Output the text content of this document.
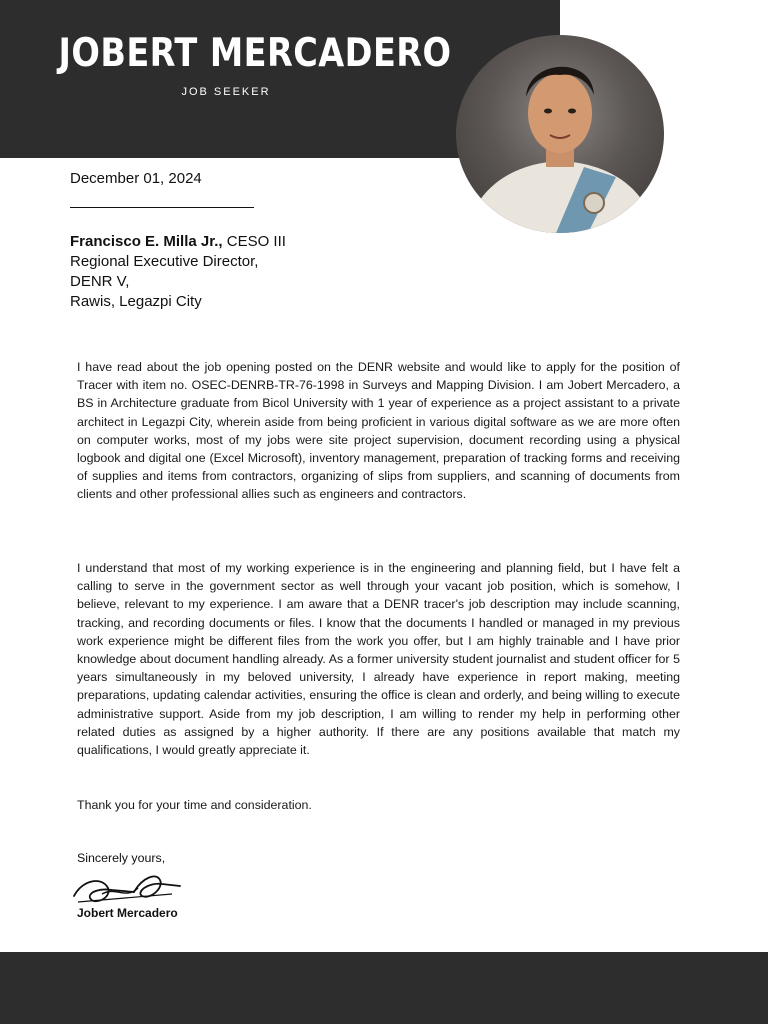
JOBERT MERCADERO
JOB SEEKER
December 01, 2024
Francisco E. Milla Jr., CESO III
Regional Executive Director,
DENR V,
Rawis, Legazpi City
I have read about the job opening posted on the DENR website and would like to apply for the position of Tracer with item no. OSEC-DENRB-TR-76-1998 in Surveys and Mapping Division. I am Jobert Mercadero, a BS in Architecture graduate from Bicol University with 1 year of experience as a project assistant to a private architect in Legazpi City, wherein aside from being proficient in various digital software as we are more often on computer works, most of my jobs were site project supervision, document recording using a physical logbook and digital one (Excel Microsoft), inventory management, preparation of tracking forms and receiving of supplies and items from contractors, organizing of slips from suppliers, and scanning of documents from clients and other professional allies such as engineers and contractors.
I understand that most of my working experience is in the engineering and planning field, but I have felt a calling to serve in the government sector as well through your vacant job position, which is somehow, I believe, relevant to my experience. I am aware that a DENR tracer's job description may include scanning, tracking, and recording documents or files. I know that the documents I handled or managed in my previous work experience might be different files from the work you offer, but I am highly trainable and I have prior knowledge about document handling already. As a former university student journalist and student officer for 5 years simultaneously in my beloved university, I already have experience in report making, meeting preparations, updating calendar activities, ensuring the office is clean and orderly, and being willing to execute administrative support. Aside from my job description, I am willing to render my help in performing other related duties as assigned by a higher authority. If there are any positions available that match my qualifications, I would greatly appreciate it.
Thank you for your time and consideration.
Sincerely yours,
Jobert Mercadero
